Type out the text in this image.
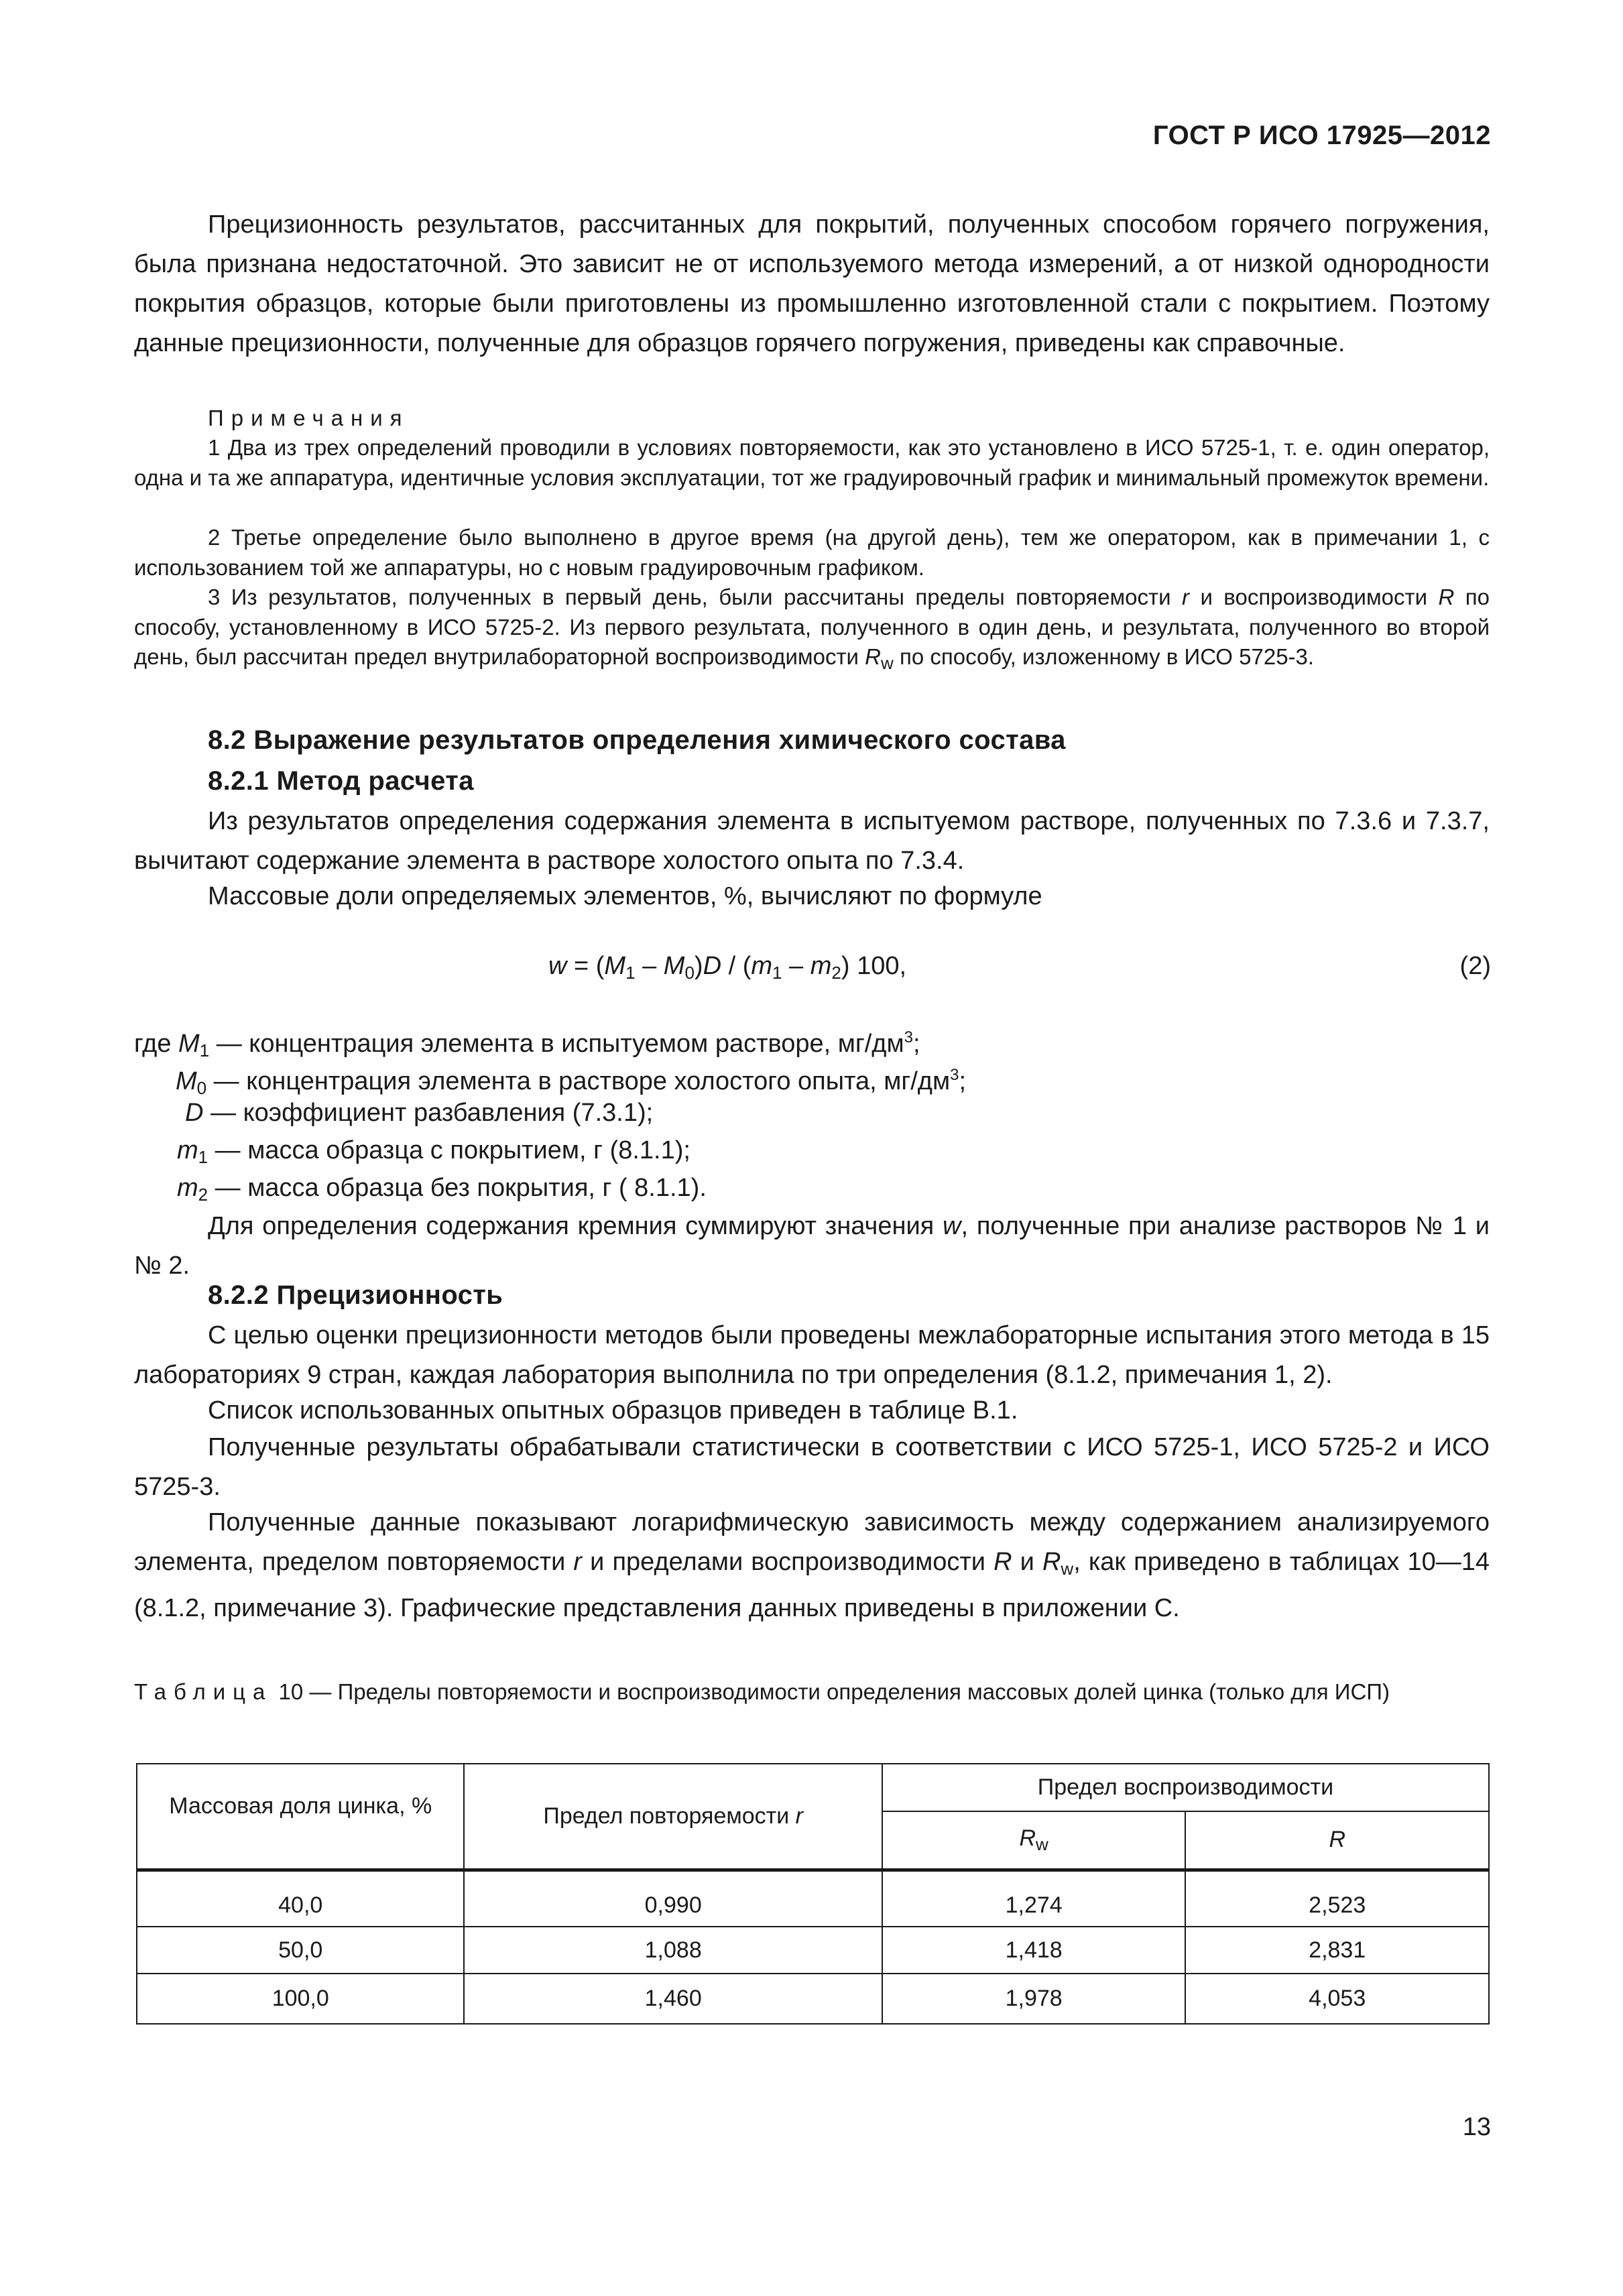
ГОСТ Р ИСО 17925—2012

Прецизионность результатов, рассчитанных для покрытий, полученных способом горячего погружения, была признана недостаточной. Это зависит не от используемого метода измерений, а от низкой однородности покрытия образцов, которые были приготовлены из промышленно изготовленной стали с покрытием. Поэтому данные прецизионности, полученные для образцов горячего погружения, приведены как справочные.

Примечания

1 Два из трех определений проводили в условиях повторяемости, как это установлено в ИСО 5725-1, т. е. один оператор, одна и та же аппаратура, идентичные условия эксплуатации, тот же градуировочный график и минимальный промежуток времени.

2 Третье определение было выполнено в другое время (на другой день), тем же оператором, как в примечании 1, с использованием той же аппаратуры, но с новым градуировочным графиком.

3 Из результатов, полученных в первый день, были рассчитаны пределы повторяемости r и воспроизводимости R по способу, установленному в ИСО 5725-2. Из первого результата, полученного в один день, и результата, полученного во второй день, был рассчитан предел внутрилабораторной воспроизводимости $R_w$ по способу, изложенному в ИСО 5725-3.

8.2 Выражение результатов определения химического состава

8.2.1 Метод расчета

Из результатов определения содержания элемента в испытуемом растворе, полученных по 7.3.6 и 7.3.7, вычитают содержание элемента в растворе холостого опыта по 7.3.4.

Массовые доли определяемых элементов, %, вычисляют по формуле

$w = (M_1 - M_0)D / (m_1 - m_2)$ 100,	(2)
где $M_1$ — концентрация элемента в испытуемом растворе, $мг/дм^3$;
$M_0$ — концентрация элемента в растворе холостого опыта, $мг/дм^3$;
D — коэффициент разбавления (7.3.1);
$m_1$ — масса образца с покрытием, г (8.1.1);
$m_2$ — масса образца без покрытия, г ( 8.1.1).

Для определения содержания кремния суммируют значения w, полученные при анализе растворов № 1 и № 2.

8.2.2 Прецизионность

С целью оценки прецизионности методов были проведены межлабораторные испытания этого метода в 15 лабораториях 9 стран, каждая лаборатория выполнила по три определения (8.1.2, примечания 1, 2).

Список использованных опытных образцов приведен в таблице B.1.

Полученные результаты обрабатывали статистически в соответствии с ИСО 5725-1, ИСО 5725-2 и ИСО 5725-3.

Полученные данные показывают логарифмическую зависимость между содержанием анализируемого элемента, пределом повторяемости r и пределами воспроизводимости R и $R_w$, как приведено в таблицах 10—14 (8.1.2, примечание 3). Графические представления данных приведены в приложении С.

Таблица 10 — Пределы повторяемости и воспроизводимости определения массовых долей цинка (только для ИСП)

Массовая доля цинка, %	Предел повторяемости r	Предел воспроизводимости	
		$R_w$	R
40,0	0,990	1,274	2,523
50,0	1,088	1,418	2,831
100,0	1,460	1,978	4,053
13
